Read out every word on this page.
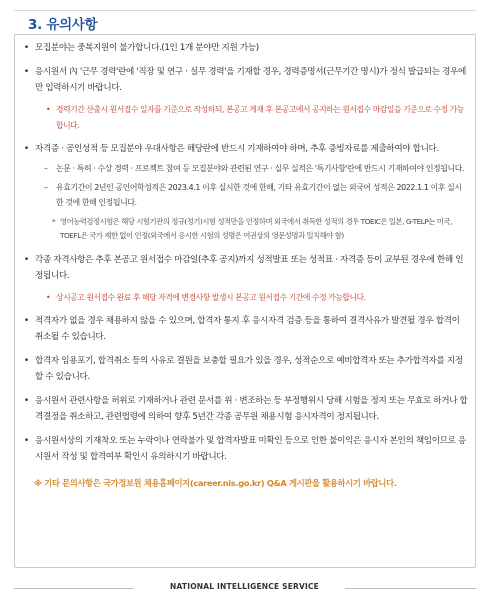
3. 유의사항
• 모집분야는 중복지원이 불가합니다.(1인 1개 분야만 지원 가능)
• 응시원서 內 '근무 경력'란에 '직장 및 연구 · 실무 경력'을 기재할 경우, 경력증명서(근무기간 명시)가 정식 발급되는 경우에만 입력하시기 바랍니다.
• 경력기간 산출시 원서접수 일자를 기준으로 작성하되, 본공고 게재 후 본공고에서 공지하는 원서접수 마감일을 기준으로 수정 가능합니다.
• 자격증 · 공인성적 등 모집분야 우대사항은 해당란에 반드시 기재하여야 하며, 추후 증빙자료를 제출하여야 합니다.
– 논문 · 특허 · 수상 경력 · 프로젝트 참여 등 모집분야와 관련된 연구 · 실무 실적은 '특기사항'란에 반드시 기재하여야 인정됩니다.
– 유효기간이 2년인 공인어학성적은 2023.4.1 이후 실시한 것에 한해, 기타 유효기간이 없는 외국어 성적은 2022.1.1 이후 실시한 것에 한해 인정됩니다.
* 영어능력검정시험은 해당 시험기관의 정규(정기)시험 성적만을 인정하며 외국에서 취득한 성적의 경우 TOEIC은 일본, G-TELP는 미국, TOEFL은 국가 제한 없이 인정(외국에서 응시한 시험의 성명은 여권상의 영문성명과 일치해야 함)
• 각종 자격사항은 추후 본공고 원서접수 마감일(추후 공지)까지 성적발표 또는 성적표 · 자격증 등이 교부된 경우에 한해 인정됩니다.
• 상시공고 원서접수 완료 후 해당 자격에 변경사항 발생시 본공고 원서접수 기간에 수정 가능합니다.
• 적격자가 없을 경우 채용하지 않을 수 있으며, 합격자 통지 후 응시자격 검증 등을 통하여 결격사유가 발견될 경우 합격이 취소될 수 있습니다.
• 합격자 임용포기, 합격취소 등의 사유로 결원을 보충할 필요가 있을 경우, 성적순으로 예비합격자 또는 추가합격자를 지정할 수 있습니다.
• 응시원서 관련사항을 허위로 기재하거나 관련 문서를 위 · 변조하는 등 부정행위시 당해 시험을 정지 또는 무효로 하거나 합격결정을 취소하고, 관련법령에 의하여 향후 5년간 각종 공무원 채용시험 응시자격이 정지됩니다.
• 응시원서상의 기재착오 또는 누락이나 연락불가 및 합격자발표 미확인 등으로 인한 불이익은 응시자 본인의 책임이므로 응시원서 작성 및 합격여부 확인시 유의하시기 바랍니다.
※ 기타 문의사항은 국가정보원 채용홈페이지(career.nis.go.kr) Q&A 게시판을 활용하시기 바랍니다.
NATIONAL INTELLIGENCE SERVICE
